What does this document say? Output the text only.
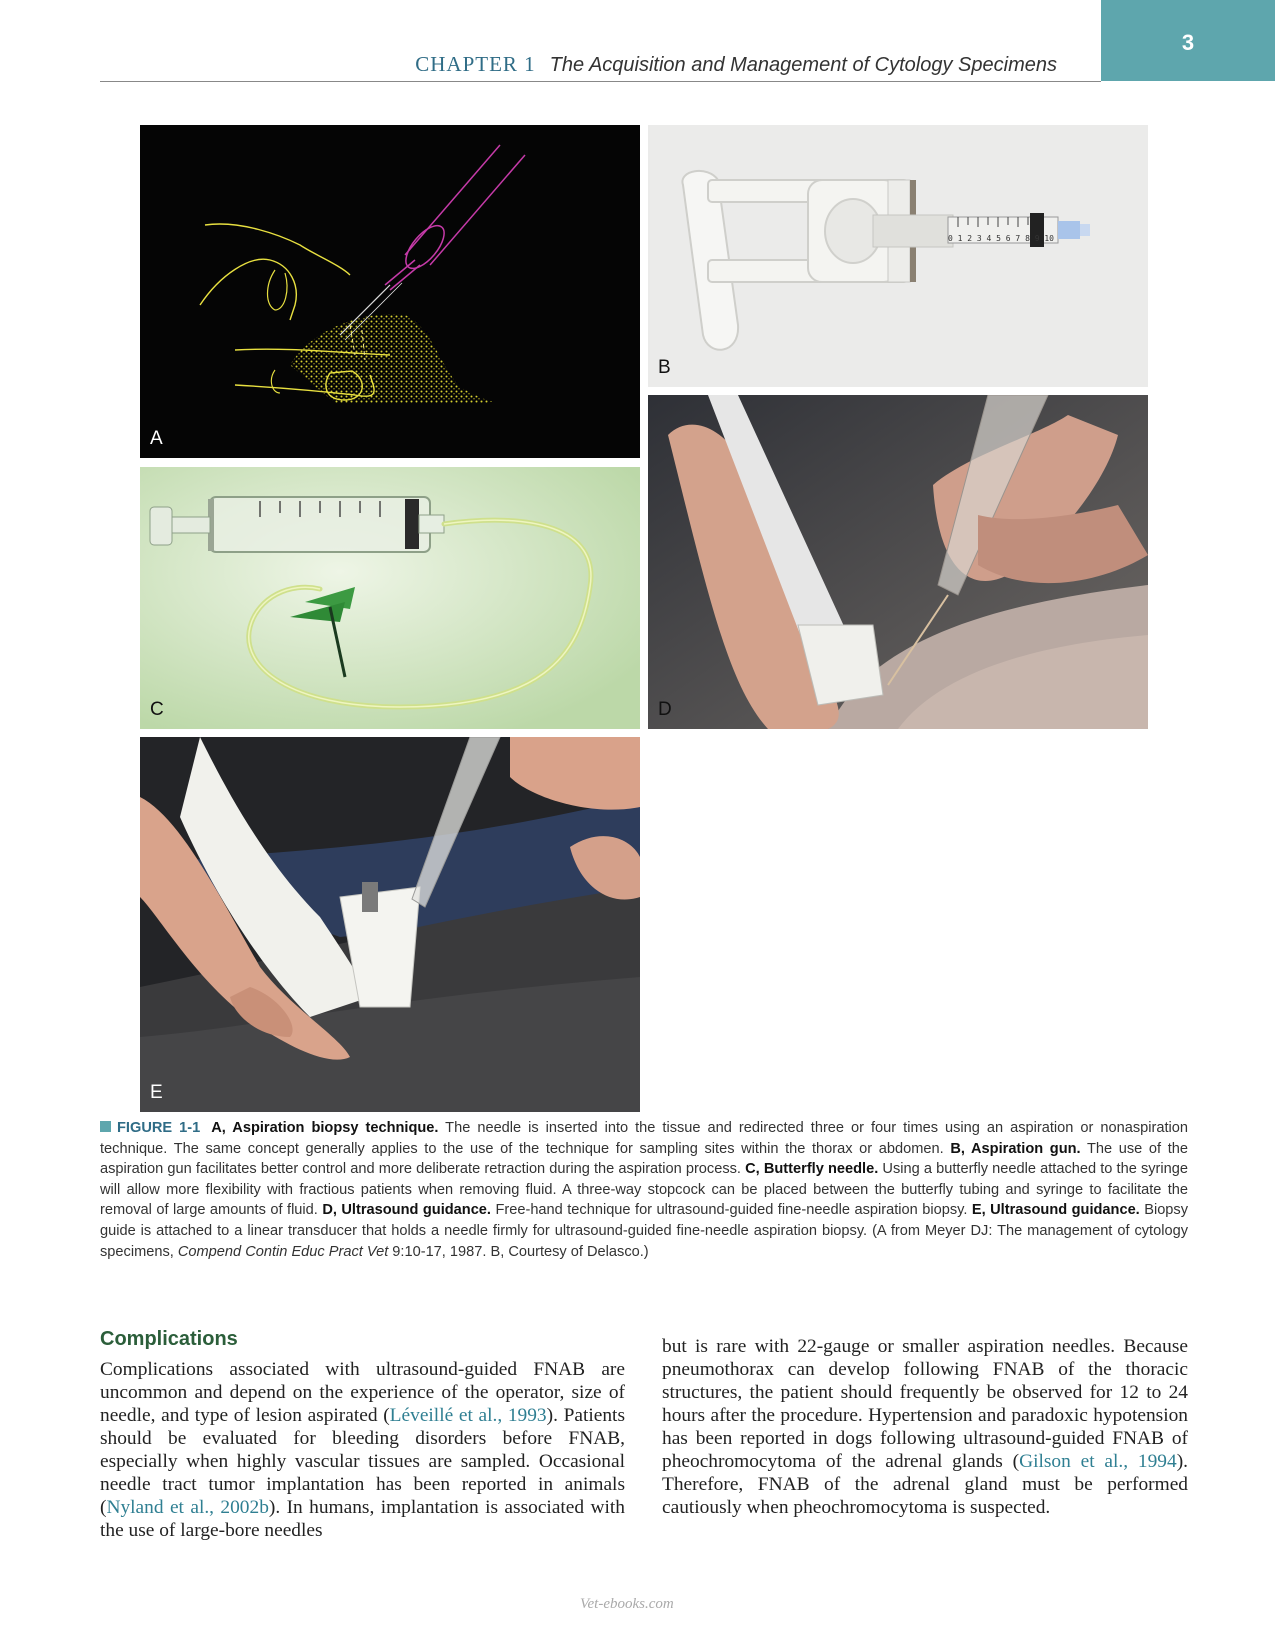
3
CHAPTER 1 The Acquisition and Management of Cytology Specimens
A
0 1 2 3 4 5 6 7 8 9 10
B
C	D
E
FIGURE 1-1 A, Aspiration biopsy technique. The needle is inserted into the tissue and redirected three or four times using an aspiration or nonaspiration technique. The same concept generally applies to the use of the technique for sampling sites within the thorax or abdomen. B, Aspiration gun. The use of the aspiration gun facilitates better control and more deliberate retraction during the aspiration process. C, Butterfly needle. Using a butterfly needle attached to the syringe will allow more flexibility with fractious patients when removing fluid. A three-way stopcock can be placed between the butterfly tubing and syringe to facilitate the removal of large amounts of fluid. D, Ultrasound guidance. Free-hand technique for ultrasound-guided fine-needle aspiration biopsy. E, Ultrasound guidance. Biopsy guide is attached to a linear transducer that holds a needle firmly for ultrasound-guided fine-needle aspiration biopsy. (A from Meyer DJ: The management of cytology specimens, Compend Contin Educ Pract Vet 9:10-17, 1987. B, Courtesy of Delasco.)
Complications
Complications associated with ultrasound-guided FNAB are uncommon and depend on the experience of the operator, size of needle, and type of lesion aspirated (Léveillé et al., 1993). Patients should be evaluated for bleeding disorders before FNAB, especially when highly vascular tissues are sampled. Occasional needle tract tumor implantation has been reported in animals (Nyland et al., 2002b). In humans, implantation is associated with the use of large-bore needles
but is rare with 22-gauge or smaller aspiration needles. Because pneumothorax can develop following FNAB of the thoracic structures, the patient should frequently be observed for 12 to 24 hours after the procedure. Hypertension and paradoxic hypotension has been reported in dogs following ultrasound-guided FNAB of pheochromocytoma of the adrenal glands (Gilson et al., 1994). Therefore, FNAB of the adrenal gland must be performed cautiously when pheochromocytoma is suspected.
Vet-ebooks.com
